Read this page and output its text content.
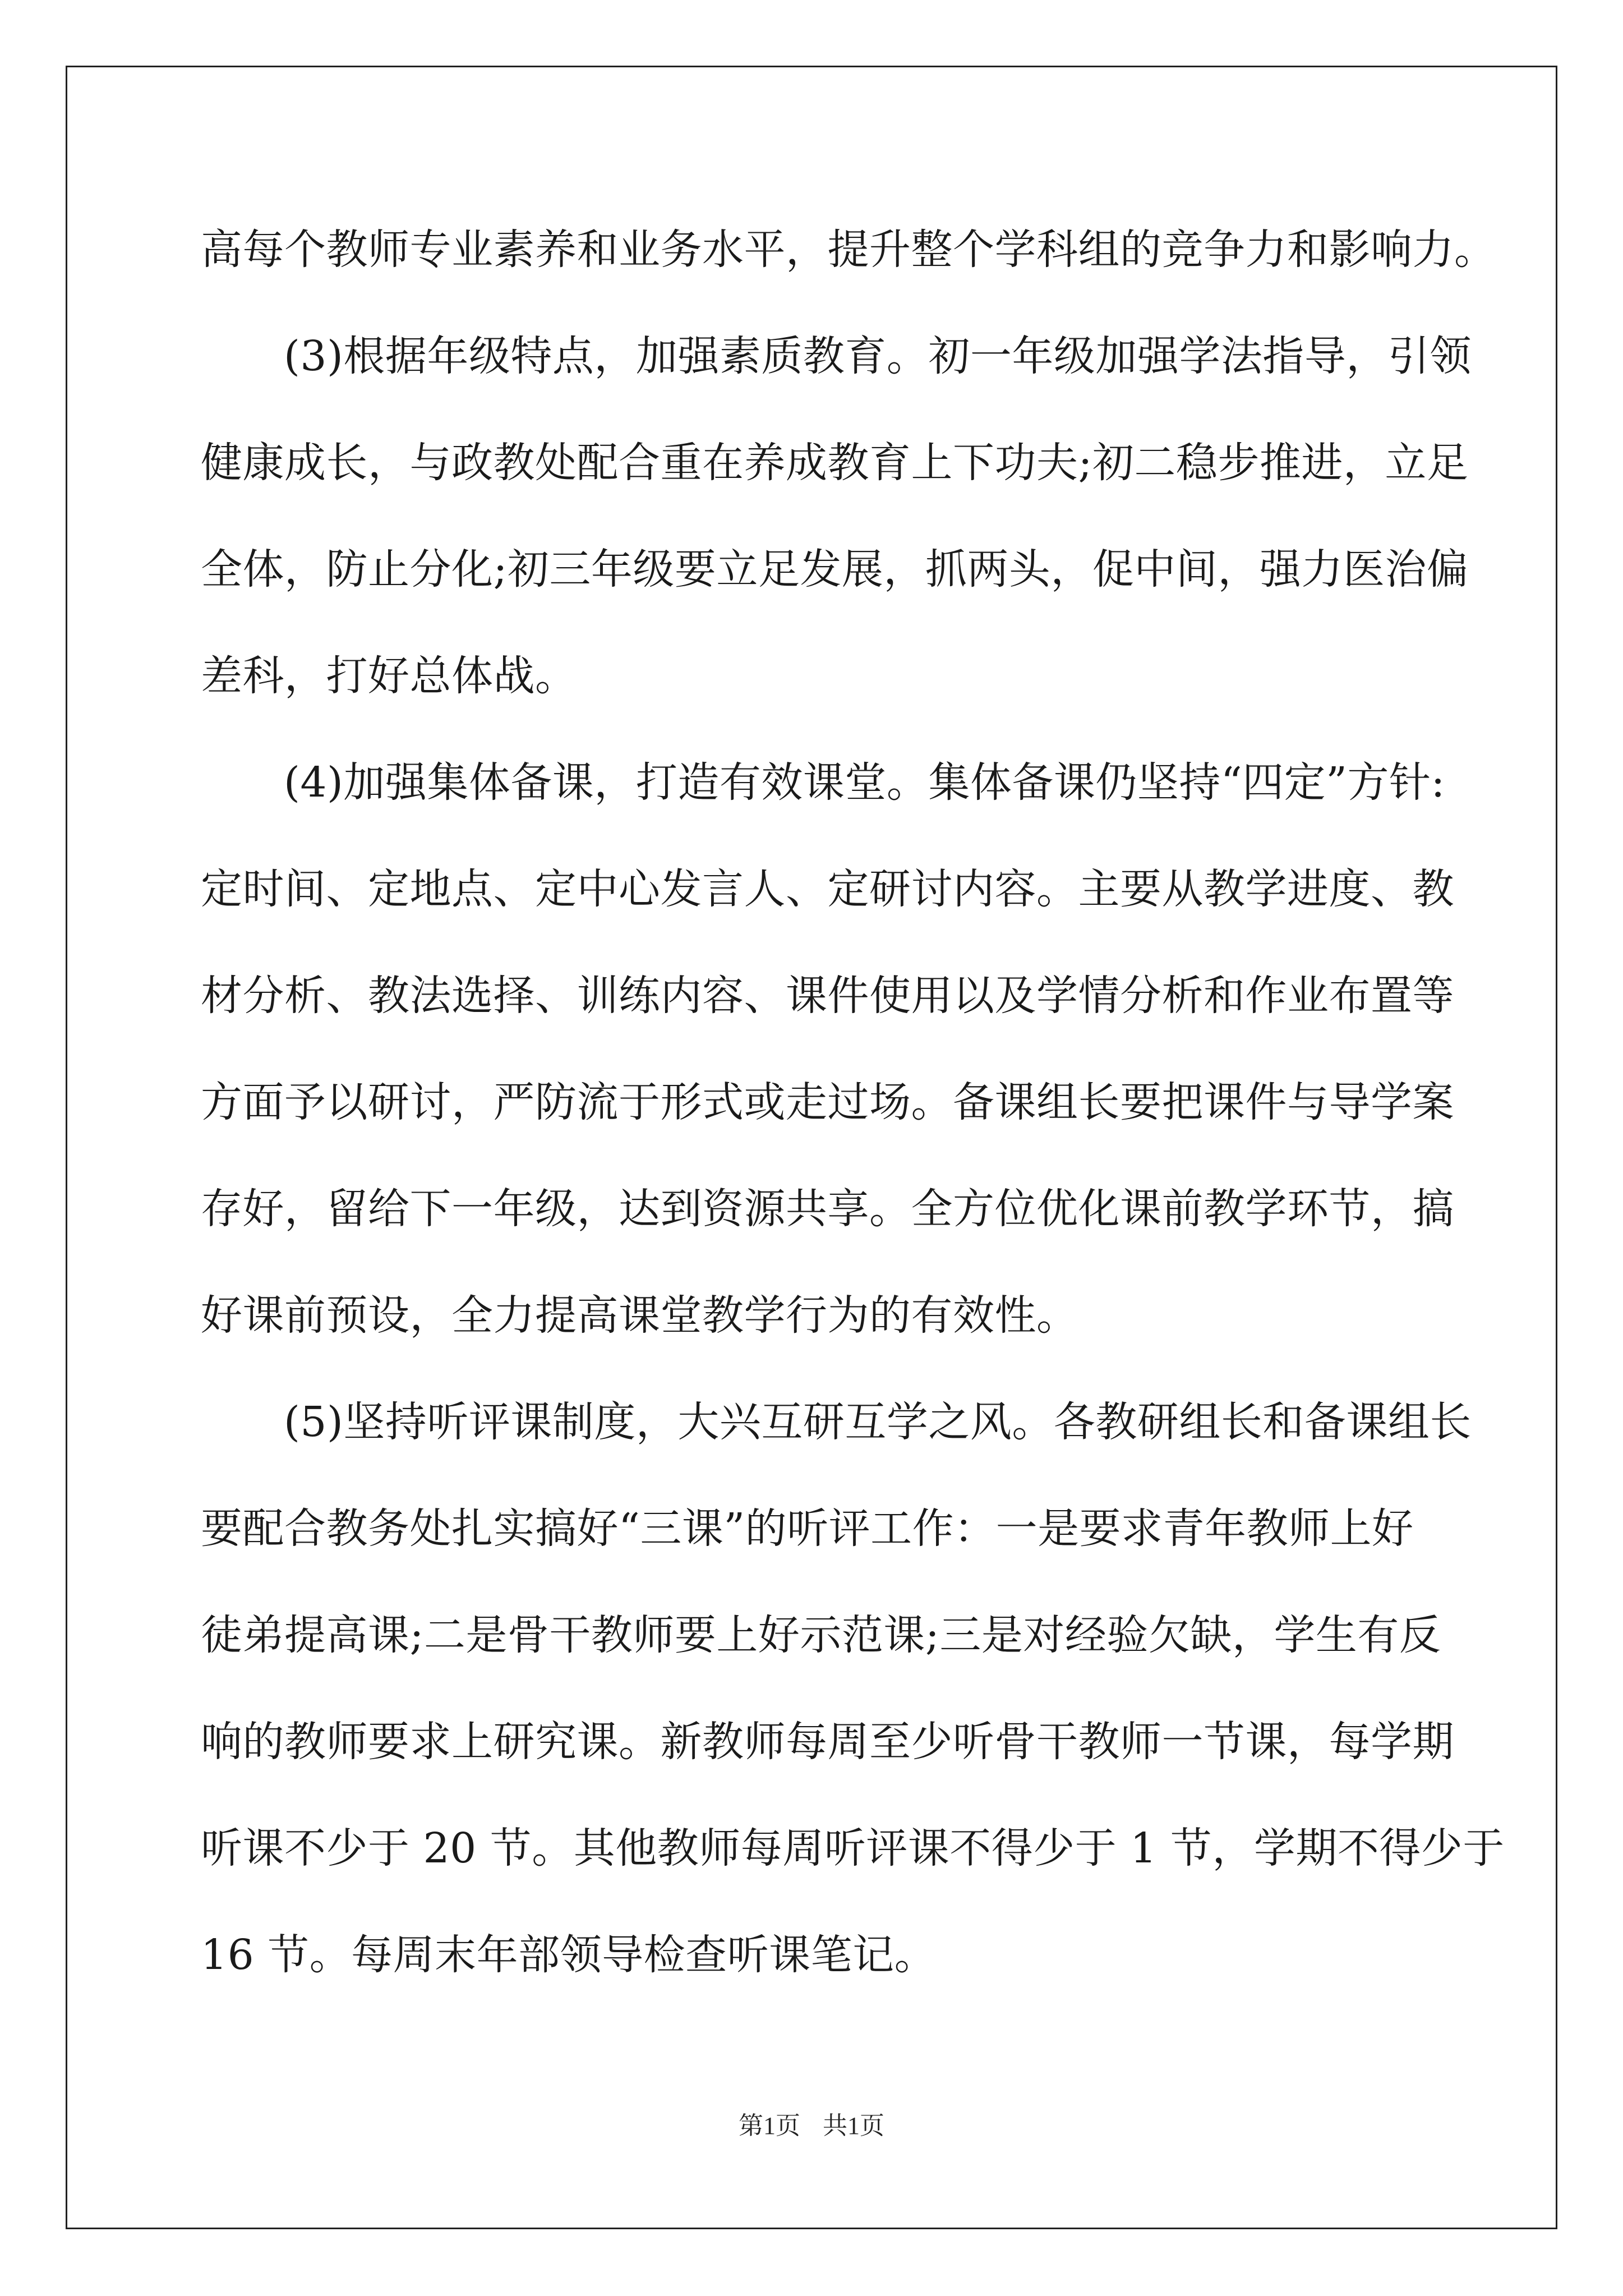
高每个教师专业素养和业务水平，提升整个学科组的竞争力和影响力。
(3)根据年级特点，加强素质教育。初一年级加强学法指导，引领
健康成长，与政教处配合重在养成教育上下功夫;初二稳步推进，立足
全体，防止分化;初三年级要立足发展，抓两头，促中间，强力医治偏
差科，打好总体战。
(4)加强集体备课，打造有效课堂。集体备课仍坚持“四定”方针:
定时间、定地点、定中心发言人、定研讨内容。主要从教学进度、教
材分析、教法选择、训练内容、课件使用以及学情分析和作业布置等
方面予以研讨，严防流于形式或走过场。备课组长要把课件与导学案
存好，留给下一年级，达到资源共享。全方位优化课前教学环节，搞
好课前预设，全力提高课堂教学行为的有效性。
(5)坚持听评课制度，大兴互研互学之风。各教研组长和备课组长
要配合教务处扎实搞好“三课”的听评工作：一是要求青年教师上好
徒弟提高课;二是骨干教师要上好示范课;三是对经验欠缺，学生有反
响的教师要求上研究课。新教师每周至少听骨干教师一节课，每学期
听课不少于 20 节。其他教师每周听评课不得少于 1 节，学期不得少于
16 节。每周末年部领导检查听课笔记。
第1页 共1页
